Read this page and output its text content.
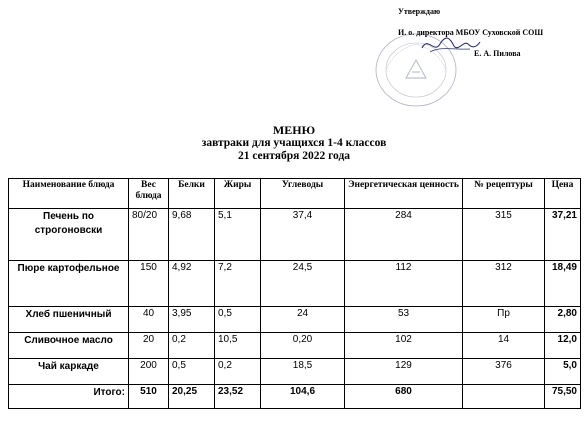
Утверждаю
И. о. директора МБОУ Суховской СОШ
Е. А. Пилова
МЕНЮ
завтраки для учащихся 1-4 классов
21 сентября 2022 года
Наименование блюда	Вес блюда	Белки	Жиры	Углеводы	Энергетическая ценность	№ рецептуры	Цена
Печень по строгоновски	80/20	9,68	5,1	37,4	284	315	37,21
Пюре картофельное	150	4,92	7,2	24,5	112	312	18,49
Хлеб пшеничный	40	3,95	0,5	24	53	Пр	2,80
Сливочное масло	20	0,2	10,5	0,20	102	14	12,0
Чай каркаде	200	0,5	0,2	18,5	129	376	5,0
Итого:	510	20,25	23,52	104,6	680		75,50
